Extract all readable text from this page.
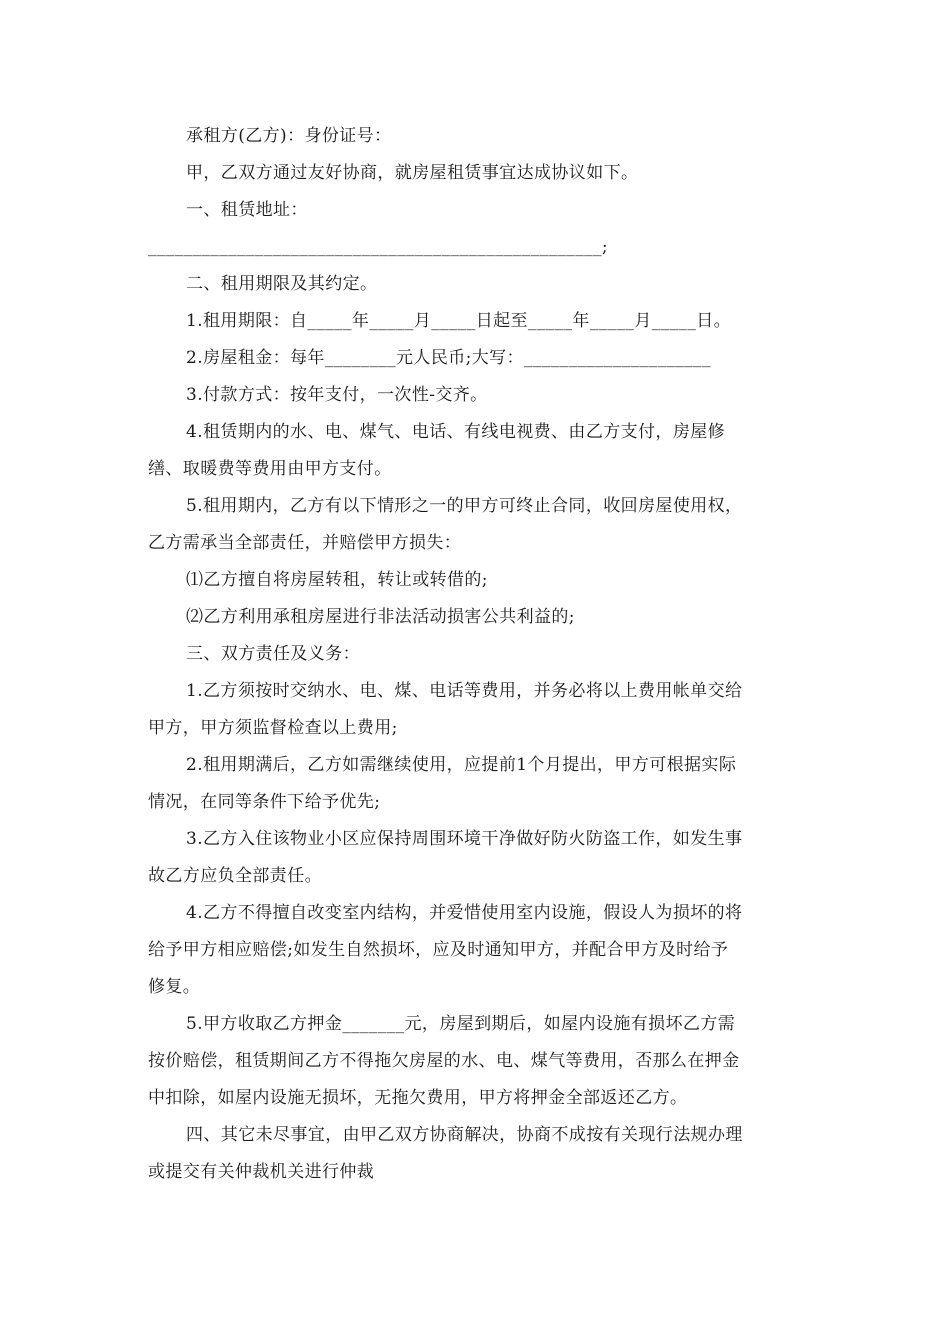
承租方(乙方)：身份证号：
甲，乙双方通过友好协商，就房屋租赁事宜达成协议如下。
一、租赁地址：
___________________________________________________;
二、租用期限及其约定。
1.租用期限：自_____年_____月_____日起至_____年_____月_____日。
2.房屋租金：每年________元人民币;大写：_____________________
3.付款方式：按年支付，一次性-交齐。
4.租赁期内的水、电、煤气、电话、有线电视费、由乙方支付，房屋修
缮、取暖费等费用由甲方支付。
5.租用期内，乙方有以下情形之一的甲方可终止合同，收回房屋使用权，
乙方需承当全部责任，并赔偿甲方损失：
⑴乙方擅自将房屋转租，转让或转借的;
⑵乙方利用承租房屋进行非法活动损害公共利益的;
三、双方责任及义务：
1.乙方须按时交纳水、电、煤、电话等费用，并务必将以上费用帐单交给
甲方，甲方须监督检查以上费用;
2.租用期满后，乙方如需继续使用，应提前1个月提出，甲方可根据实际
情况，在同等条件下给予优先;
3.乙方入住该物业小区应保持周围环境干净做好防火防盗工作，如发生事
故乙方应负全部责任。
4.乙方不得擅自改变室内结构，并爱惜使用室内设施，假设人为损坏的将
给予甲方相应赔偿;如发生自然损坏，应及时通知甲方，并配合甲方及时给予
修复。
5.甲方收取乙方押金_______元，房屋到期后，如屋内设施有损坏乙方需
按价赔偿，租赁期间乙方不得拖欠房屋的水、电、煤气等费用，否那么在押金
中扣除，如屋内设施无损坏，无拖欠费用，甲方将押金全部返还乙方。
四、其它未尽事宜，由甲乙双方协商解决，协商不成按有关现行法规办理
或提交有关仲裁机关进行仲裁
